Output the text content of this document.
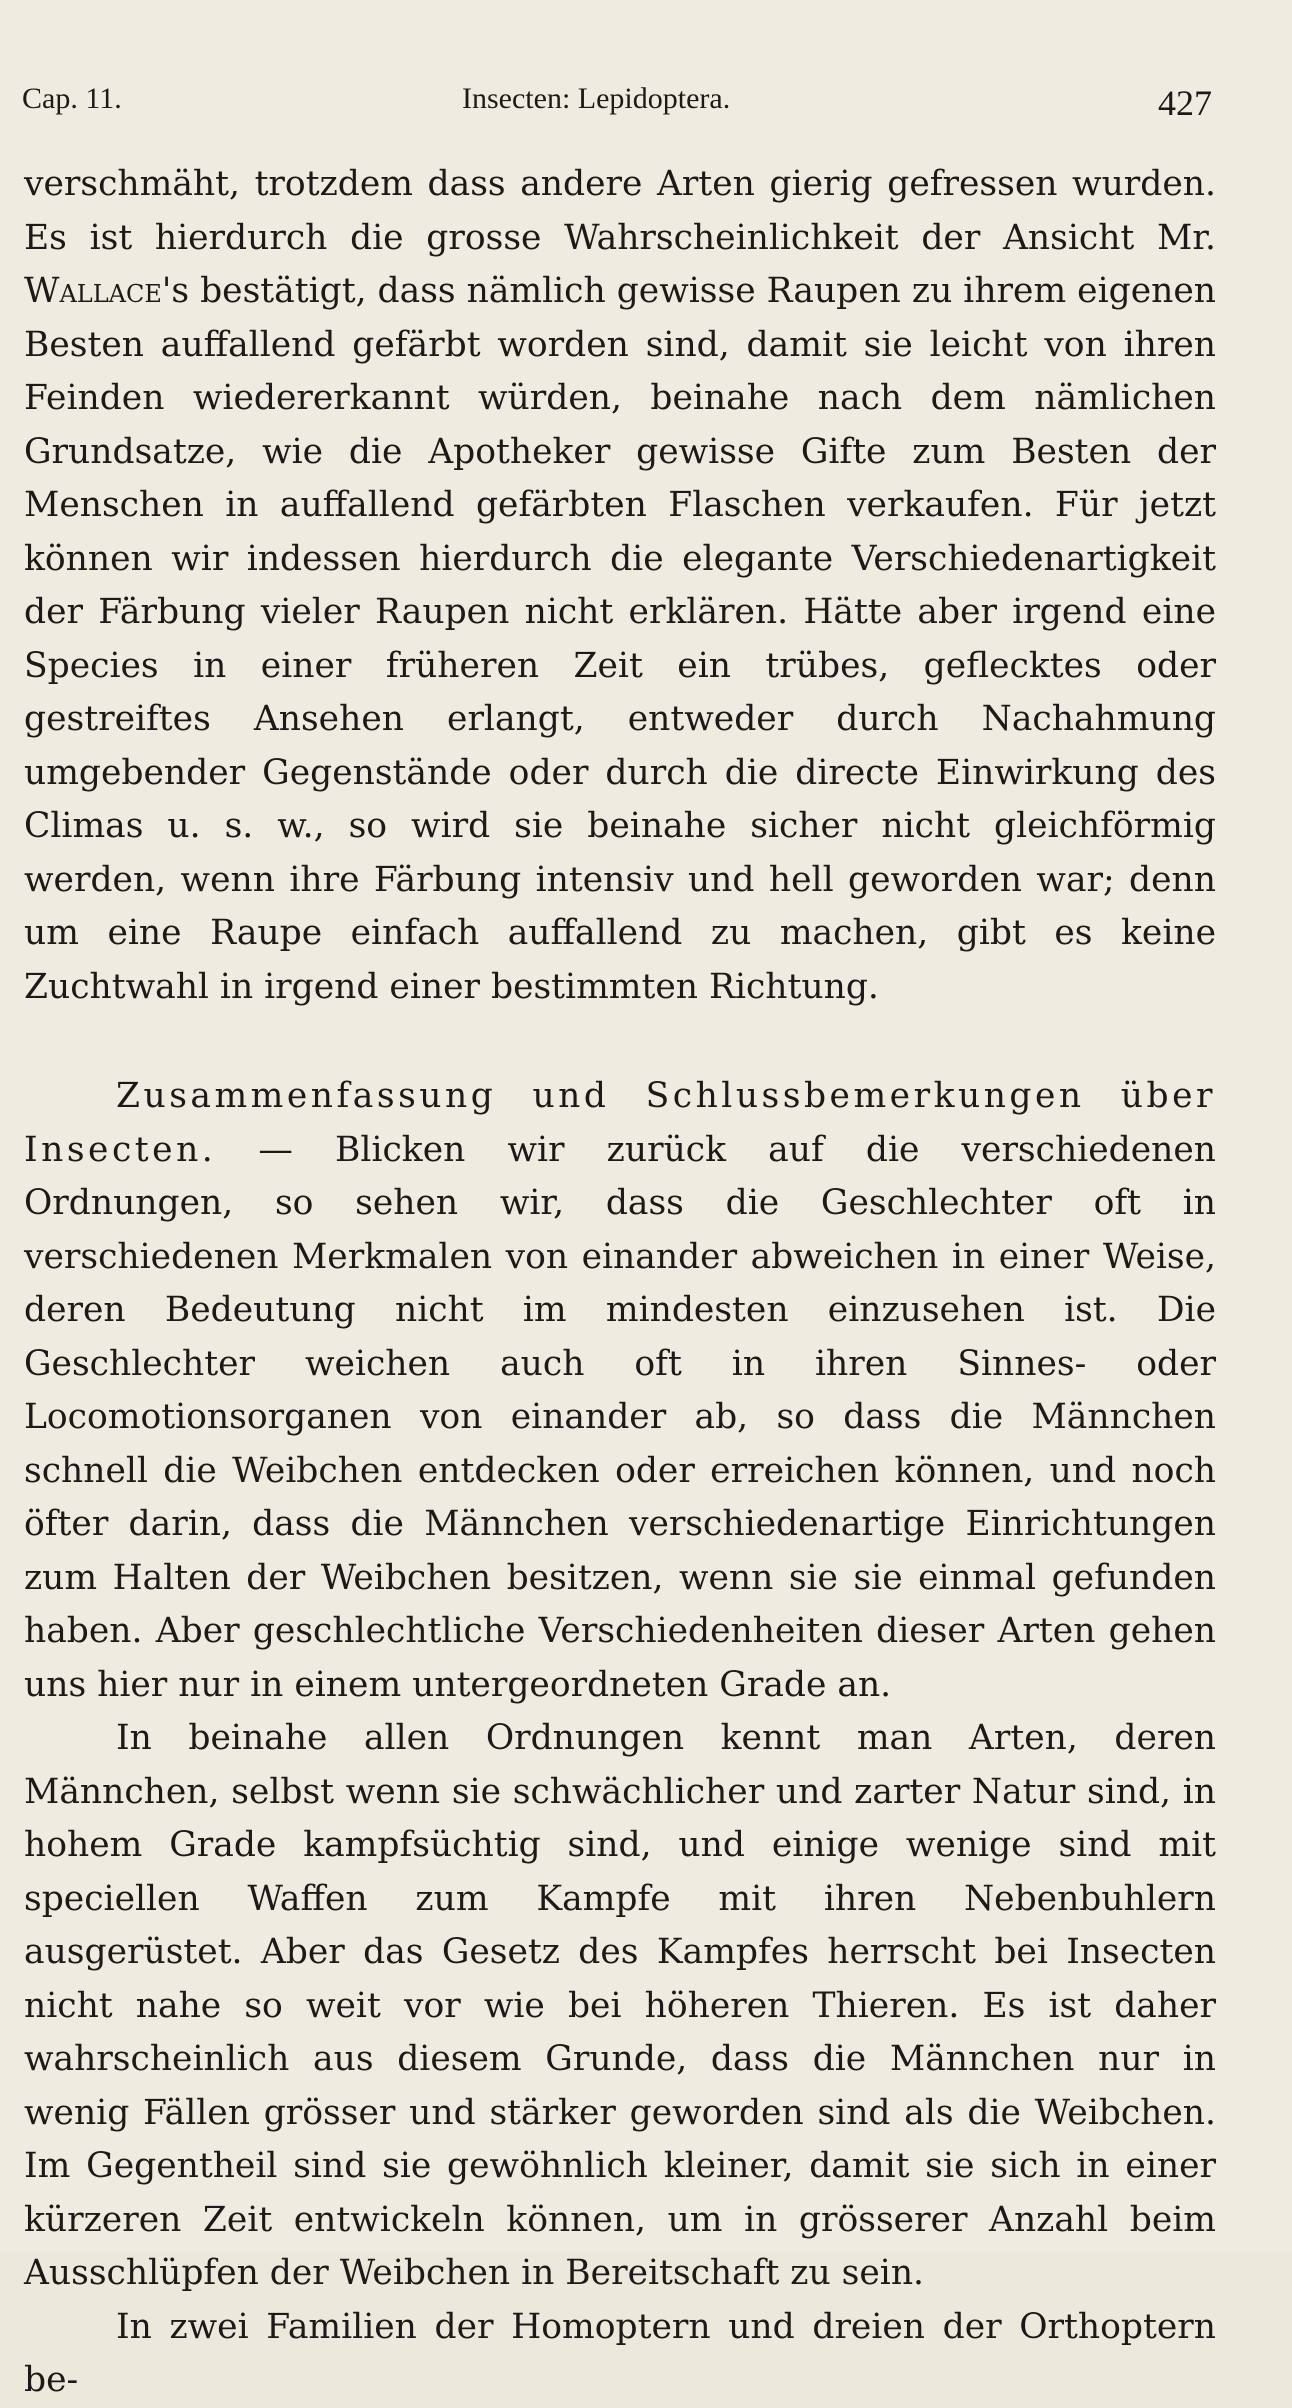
Cap. 11.	Insecten: Lepidoptera.	427

verschmäht, trotzdem dass andere Arten gierig gefressen wurden. Es ist hierdurch die grosse Wahrscheinlichkeit der Ansicht Mr. Wallace's bestätigt, dass nämlich gewisse Raupen zu ihrem eigenen Besten auffallend gefärbt worden sind, damit sie leicht von ihren Feinden wiedererkannt würden, beinahe nach dem nämlichen Grundsatze, wie die Apotheker gewisse Gifte zum Besten der Menschen in auffallend gefärbten Flaschen verkaufen. Für jetzt können wir indessen hierdurch die elegante Verschiedenartigkeit der Färbung vieler Raupen nicht erklären. Hätte aber irgend eine Species in einer früheren Zeit ein trübes, geflecktes oder gestreiftes Ansehen erlangt, entweder durch Nachahmung umgebender Gegenstände oder durch die directe Einwirkung des Climas u. s. w., so wird sie beinahe sicher nicht gleichförmig werden, wenn ihre Färbung intensiv und hell geworden war; denn um eine Raupe einfach auffallend zu machen, gibt es keine Zuchtwahl in irgend einer bestimmten Richtung.

Zusammenfassung und Schlussbemerkungen über Insecten. — Blicken wir zurück auf die verschiedenen Ordnungen, so sehen wir, dass die Geschlechter oft in verschiedenen Merkmalen von einander abweichen in einer Weise, deren Bedeutung nicht im mindesten einzusehen ist. Die Geschlechter weichen auch oft in ihren Sinnes- oder Locomotionsorganen von einander ab, so dass die Männchen schnell die Weibchen entdecken oder erreichen können, und noch öfter darin, dass die Männchen verschiedenartige Einrichtungen zum Halten der Weibchen besitzen, wenn sie sie einmal gefunden haben. Aber geschlechtliche Verschiedenheiten dieser Arten gehen uns hier nur in einem untergeordneten Grade an.

In beinahe allen Ordnungen kennt man Arten, deren Männchen, selbst wenn sie schwächlicher und zarter Natur sind, in hohem Grade kampfsüchtig sind, und einige wenige sind mit speciellen Waffen zum Kampfe mit ihren Nebenbuhlern ausgerüstet. Aber das Gesetz des Kampfes herrscht bei Insecten nicht nahe so weit vor wie bei höheren Thieren. Es ist daher wahrscheinlich aus diesem Grunde, dass die Männchen nur in wenig Fällen grösser und stärker geworden sind als die Weibchen. Im Gegentheil sind sie gewöhnlich kleiner, damit sie sich in einer kürzeren Zeit entwickeln können, um in grösserer Anzahl beim Ausschlüpfen der Weibchen in Bereitschaft zu sein.

In zwei Familien der Homoptern und dreien der Orthoptern be-
